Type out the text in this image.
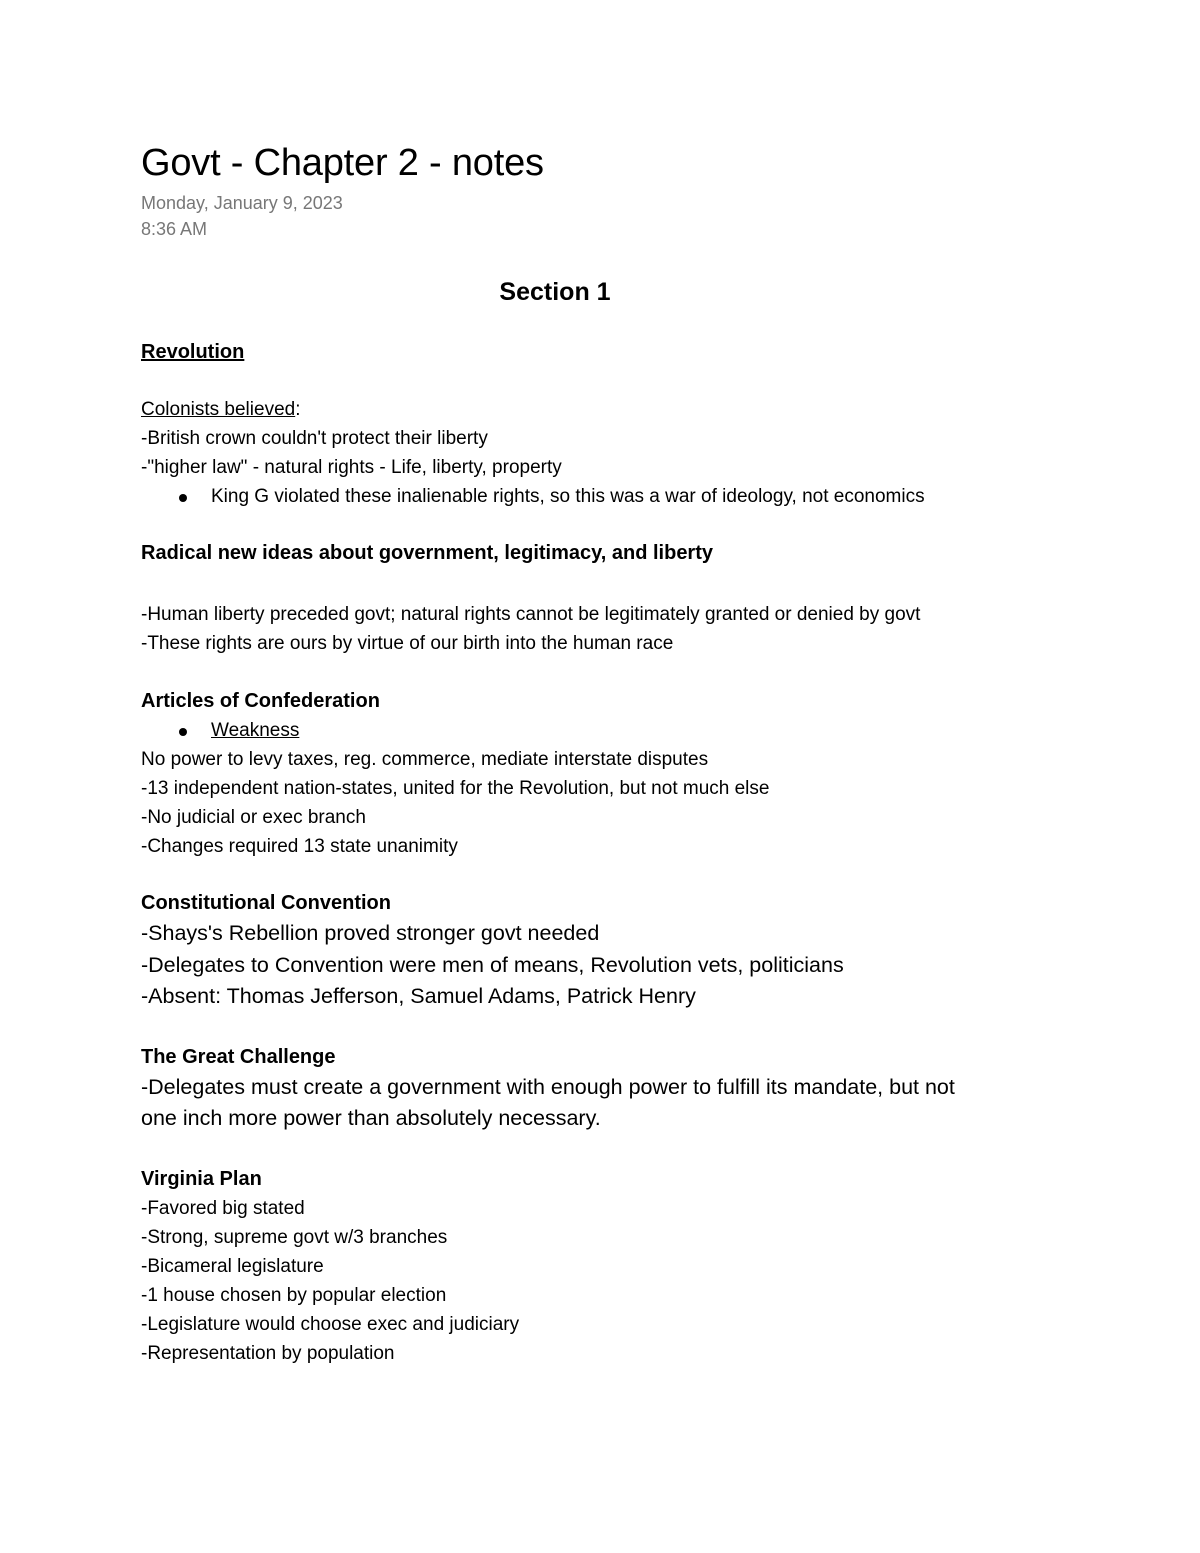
Govt - Chapter 2 - notes
Monday, January 9, 2023
8:36 AM
Section 1
Revolution
Colonists believed:
-British crown couldn't protect their liberty
-"higher law" - natural rights - Life, liberty, property
King G violated these inalienable rights, so this was a war of ideology, not economics
Radical new ideas about government, legitimacy, and liberty
-Human liberty preceded govt; natural rights cannot be legitimately granted or denied by govt
-These rights are ours by virtue of our birth into the human race
Articles of Confederation
Weakness
No power to levy taxes, reg. commerce, mediate interstate disputes
-13 independent nation-states, united for the Revolution, but not much else
-No judicial or exec branch
-Changes required 13 state unanimity
Constitutional Convention
-Shays's Rebellion proved stronger govt needed
-Delegates to Convention were men of means, Revolution vets, politicians
-Absent: Thomas Jefferson, Samuel Adams, Patrick Henry
The Great Challenge
-Delegates must create a government with enough power to fulfill its mandate, but not
one inch more power than absolutely necessary.
Virginia Plan
-Favored big stated
-Strong, supreme govt w/3 branches
-Bicameral legislature
-1 house chosen by popular election
-Legislature would choose exec and judiciary
-Representation by population
